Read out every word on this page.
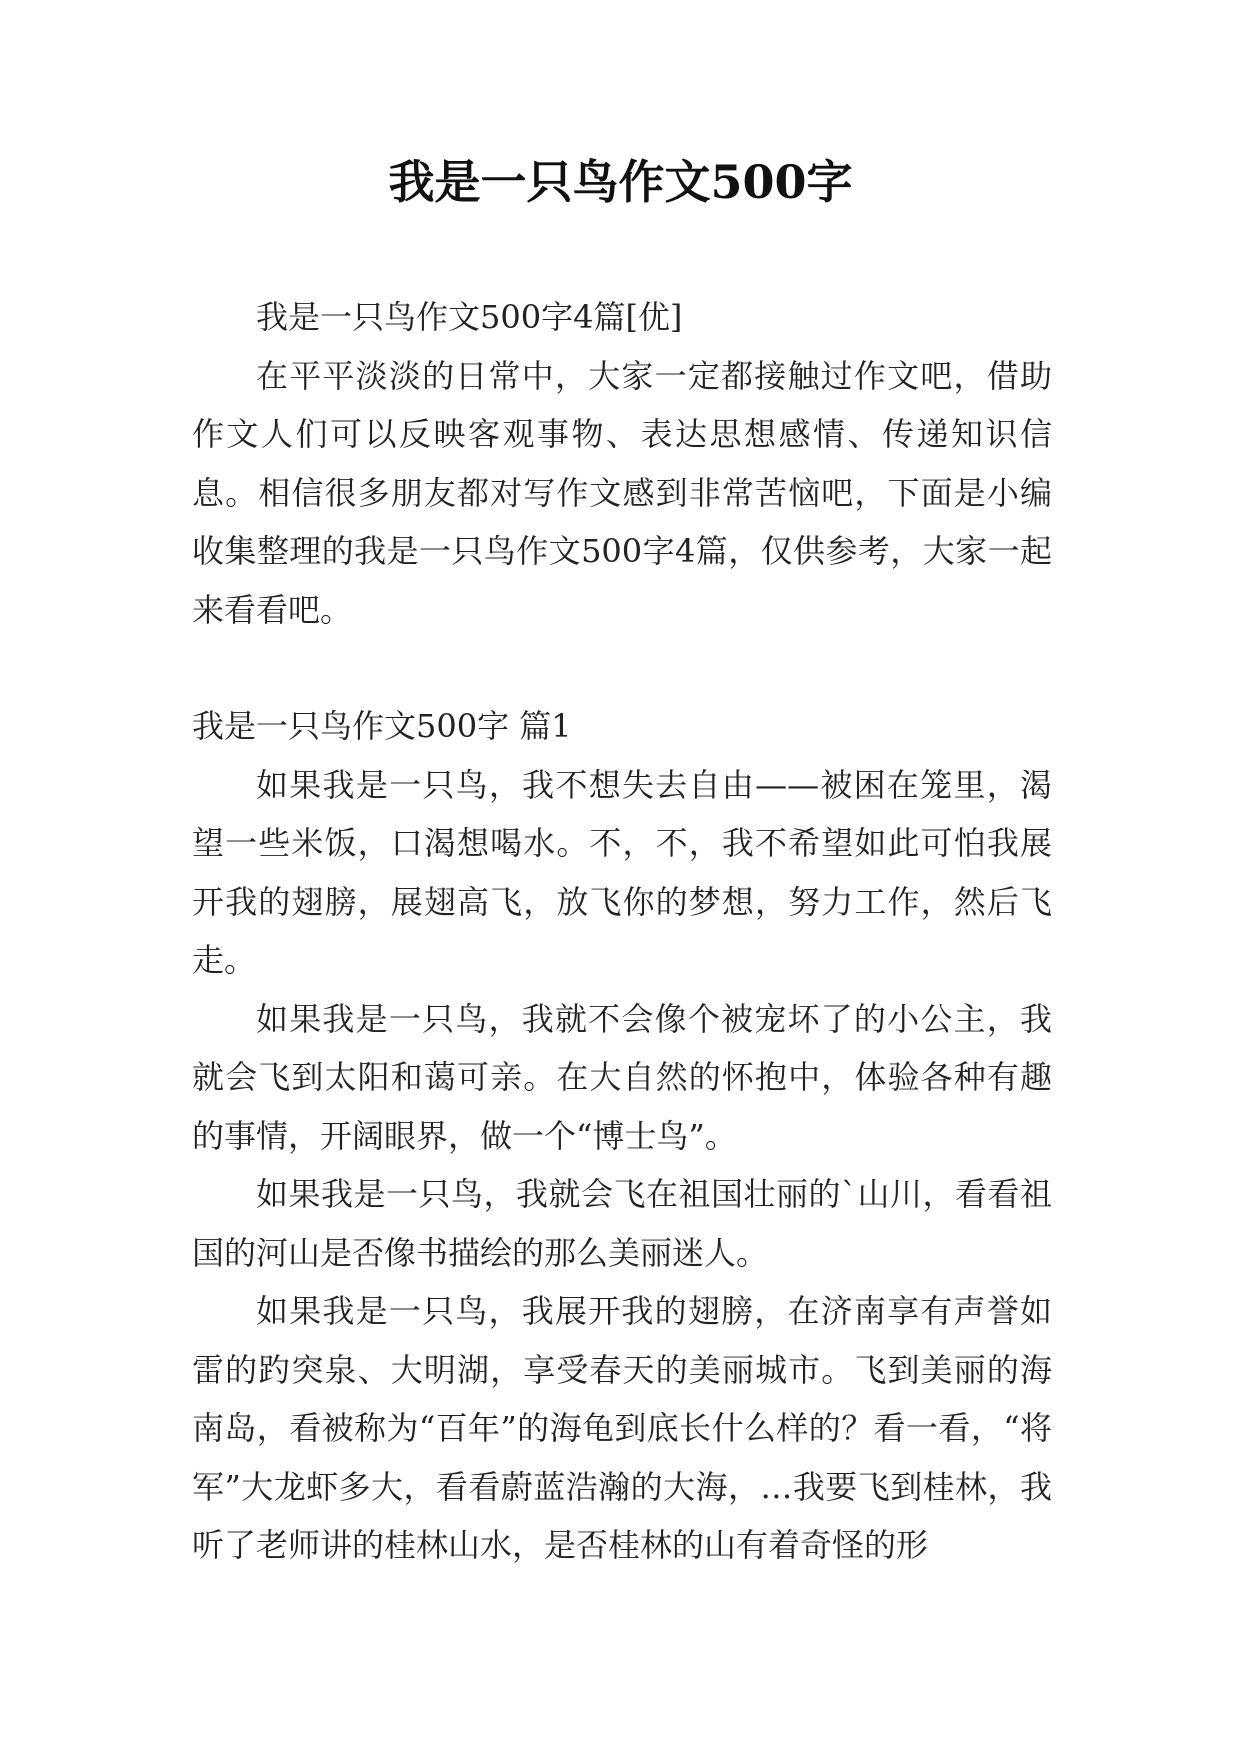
我是一只鸟作文500字

我是一只鸟作文500字4篇[优]

在平平淡淡的日常中，大家一定都接触过作文吧，借助作文人们可以反映客观事物、表达思想感情、传递知识信息。相信很多朋友都对写作文感到非常苦恼吧，下面是小编收集整理的我是一只鸟作文500字4篇，仅供参考，大家一起来看看吧。

我是一只鸟作文500字 篇1

如果我是一只鸟，我不想失去自由——被困在笼里，渴望一些米饭，口渴想喝水。不，不，我不希望如此可怕我展开我的翅膀，展翅高飞，放飞你的梦想，努力工作，然后飞走。

如果我是一只鸟，我就不会像个被宠坏了的小公主，我就会飞到太阳和蔼可亲。在大自然的怀抱中，体验各种有趣的事情，开阔眼界，做一个“博士鸟”。

如果我是一只鸟，我就会飞在祖国壮丽的`山川，看看祖国的河山是否像书描绘的那么美丽迷人。

如果我是一只鸟，我展开我的翅膀，在济南享有声誉如雷的趵突泉、大明湖，享受春天的美丽城市。飞到美丽的海南岛，看被称为“百年”的海龟到底长什么样的？看一看，“将军”大龙虾多大，看看蔚蓝浩瀚的大海，…我要飞到桂林，我听了老师讲的桂林山水，是否桂林的山有着奇怪的形
